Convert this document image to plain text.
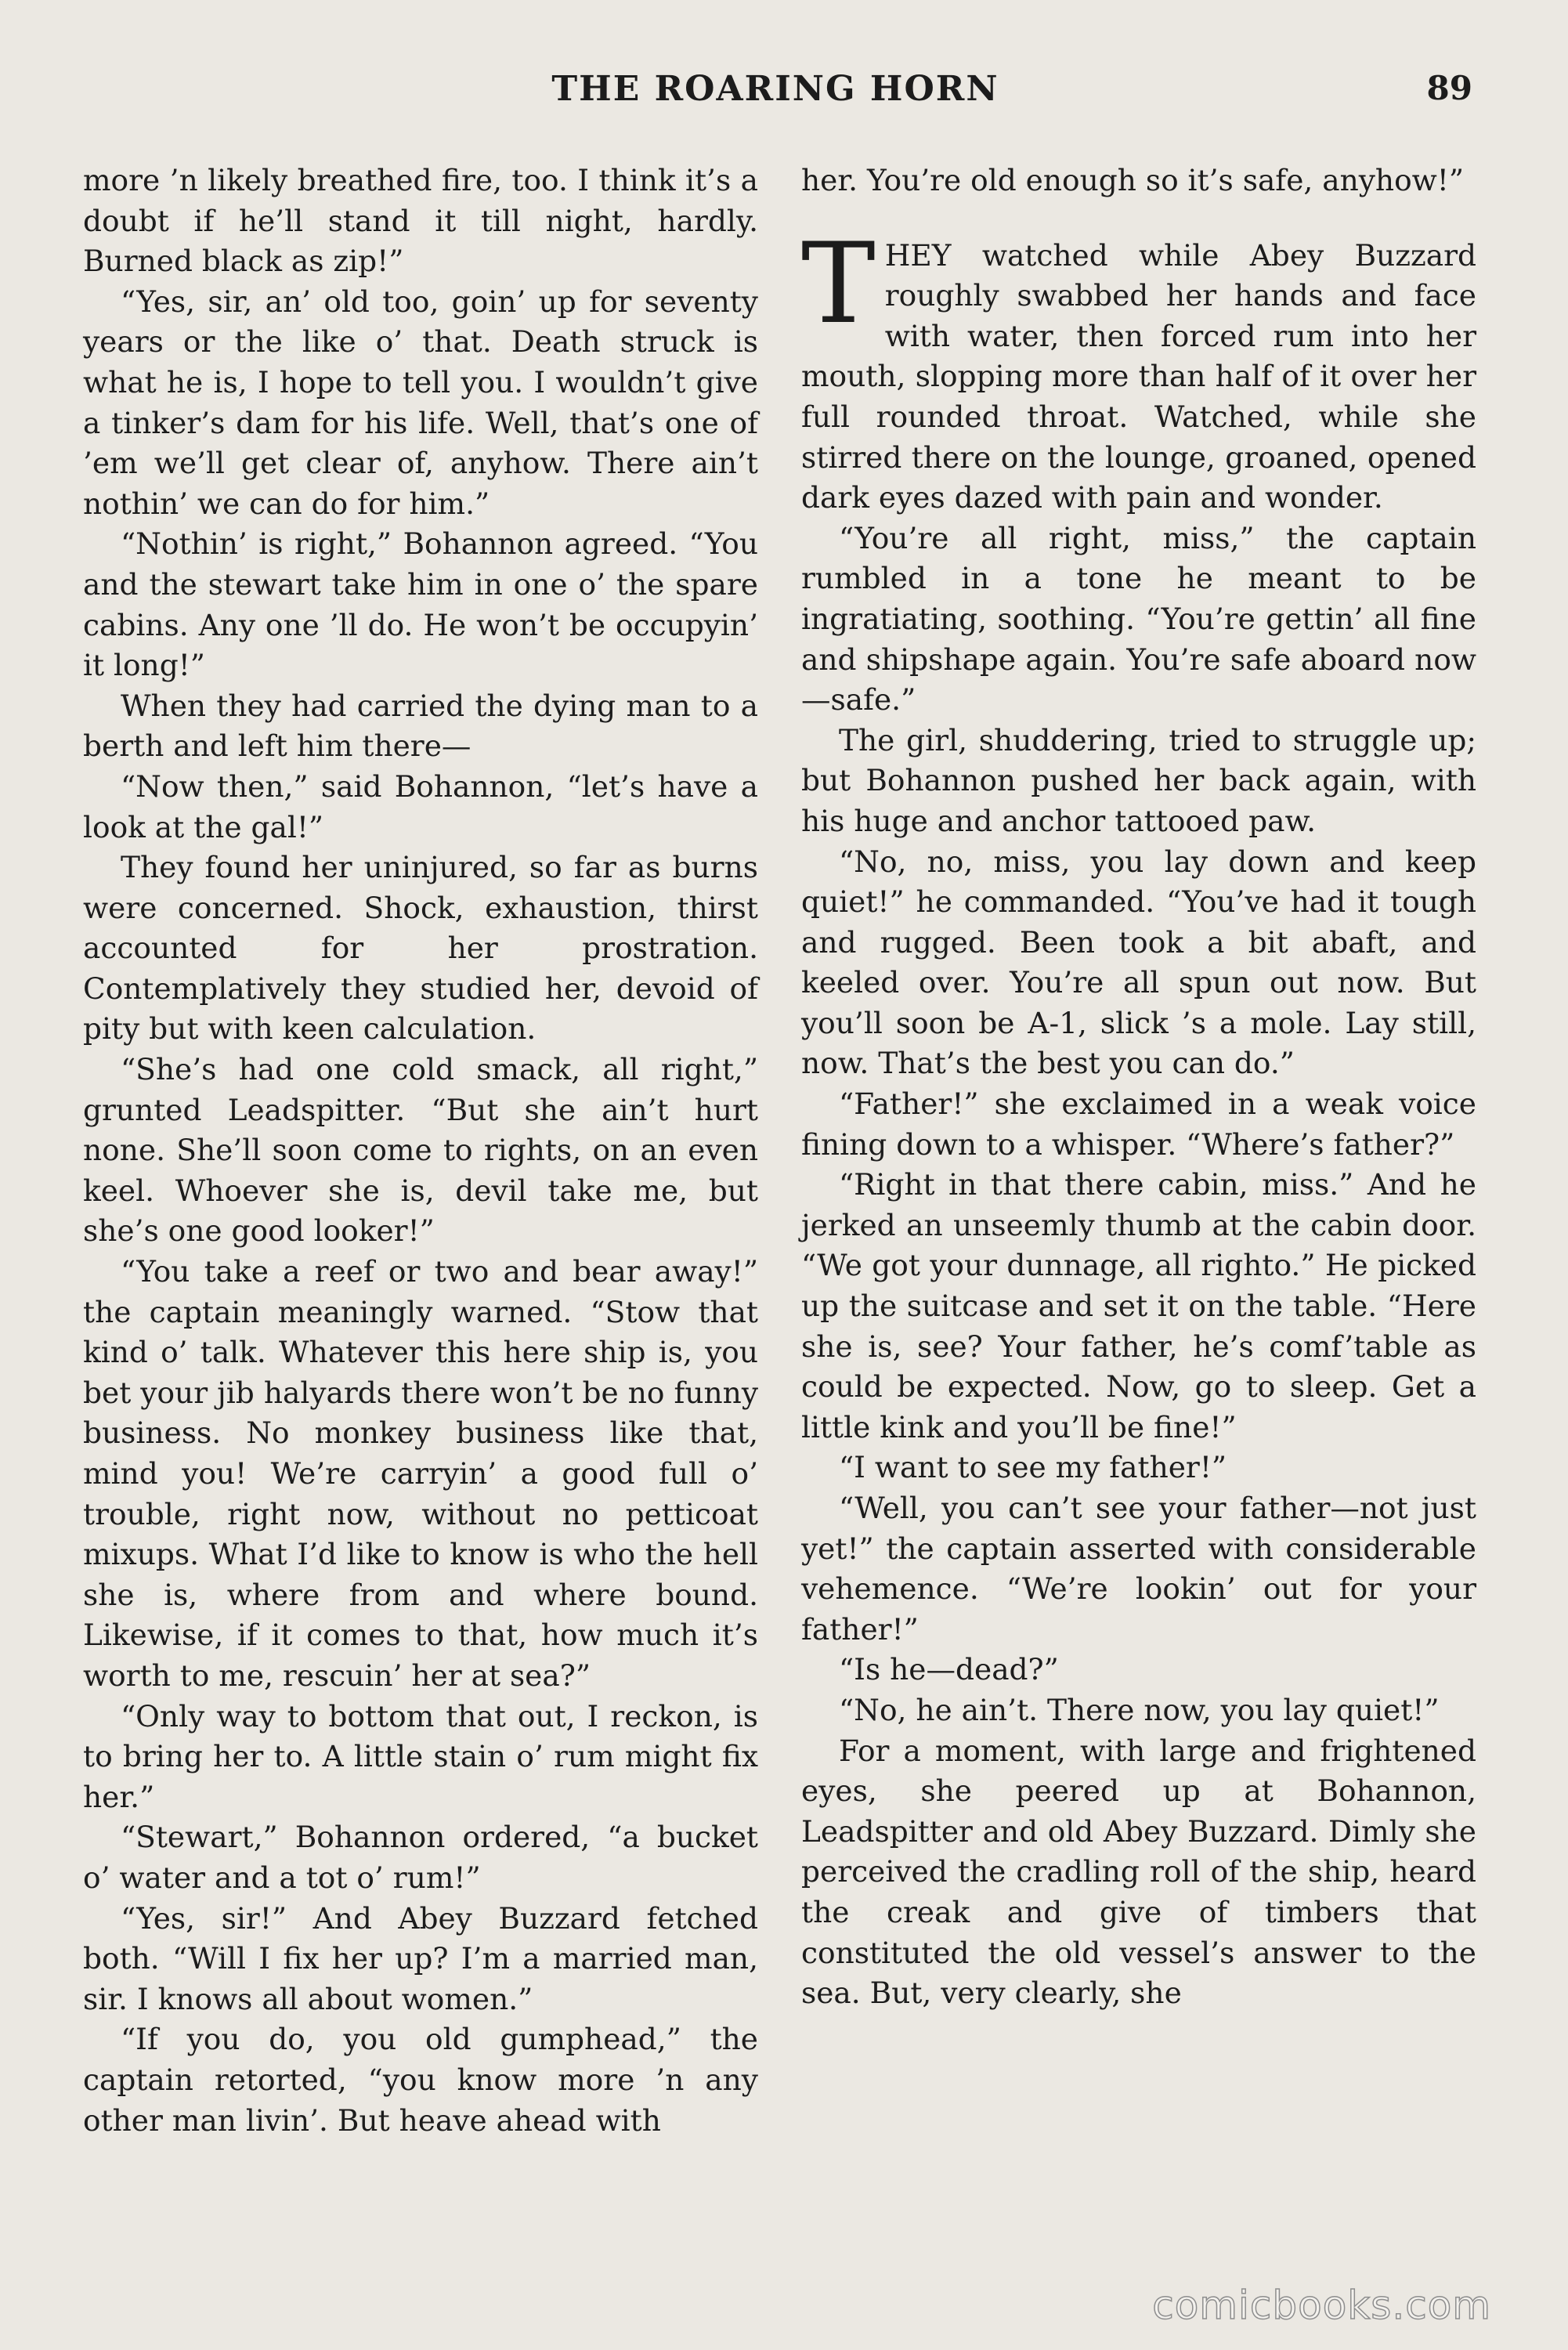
THE ROARING HORN	89

more ’n likely breathed fire, too. I think it’s a doubt if he’ll stand it till night, hardly. Burned black as zip!”

“Yes, sir, an’ old too, goin’ up for seventy years or the like o’ that. Death struck is what he is, I hope to tell you. I wouldn’t give a tinker’s dam for his life. Well, that’s one of ’em we’ll get clear of, anyhow. There ain’t nothin’ we can do for him.”

“Nothin’ is right,” Bohannon agreed. “You and the stewart take him in one o’ the spare cabins. Any one ’ll do. He won’t be occupyin’ it long!”

When they had carried the dying man to a berth and left him there—

“Now then,” said Bohannon, “let’s have a look at the gal!”

They found her uninjured, so far as burns were concerned. Shock, exhaustion, thirst accounted for her prostration. Contemplatively they studied her, devoid of pity but with keen calculation.

“She’s had one cold smack, all right,” grunted Leadspitter. “But she ain’t hurt none. She’ll soon come to rights, on an even keel. Whoever she is, devil take me, but she’s one good looker!”

“You take a reef or two and bear away!” the captain meaningly warned. “Stow that kind o’ talk. Whatever this here ship is, you bet your jib halyards there won’t be no funny business. No monkey business like that, mind you! We’re carryin’ a good full o’ trouble, right now, without no petticoat mixups. What I’d like to know is who the hell she is, where from and where bound. Likewise, if it comes to that, how much it’s worth to me, rescuin’ her at sea?”

“Only way to bottom that out, I reckon, is to bring her to. A little stain o’ rum might fix her.”

“Stewart,” Bohannon ordered, “a bucket o’ water and a tot o’ rum!”

“Yes, sir!” And Abey Buzzard fetched both. “Will I fix her up? I’m a married man, sir. I knows all about women.”

“If you do, you old gumphead,” the captain retorted, “you know more ’n any other man livin’. But heave ahead with

her. You’re old enough so it’s safe, anyhow!”

THEY watched while Abey Buzzard roughly swabbed her hands and face with water, then forced rum into her mouth, slopping more than half of it over her full rounded throat. Watched, while she stirred there on the lounge, groaned, opened dark eyes dazed with pain and wonder.

“You’re all right, miss,” the captain rumbled in a tone he meant to be ingratiating, soothing. “You’re gettin’ all fine and shipshape again. You’re safe aboard now—safe.”

The girl, shuddering, tried to struggle up; but Bohannon pushed her back again, with his huge and anchor tattooed paw.

“No, no, miss, you lay down and keep quiet!” he commanded. “You’ve had it tough and rugged. Been took a bit abaft, and keeled over. You’re all spun out now. But you’ll soon be A-1, slick ’s a mole. Lay still, now. That’s the best you can do.”

“Father!” she exclaimed in a weak voice fining down to a whisper. “Where’s father?”

“Right in that there cabin, miss.” And he jerked an unseemly thumb at the cabin door. “We got your dunnage, all righto.” He picked up the suitcase and set it on the table. “Here she is, see? Your father, he’s comf’table as could be expected. Now, go to sleep. Get a little kink and you’ll be fine!”

“I want to see my father!”

“Well, you can’t see your father—not just yet!” the captain asserted with considerable vehemence. “We’re lookin’ out for your father!”

“Is he—dead?”

“No, he ain’t. There now, you lay quiet!”

For a moment, with large and frightened eyes, she peered up at Bohannon, Leadspitter and old Abey Buzzard. Dimly she perceived the cradling roll of the ship, heard the creak and give of timbers that constituted the old vessel’s answer to the sea. But, very clearly, she

comicbooks.com
